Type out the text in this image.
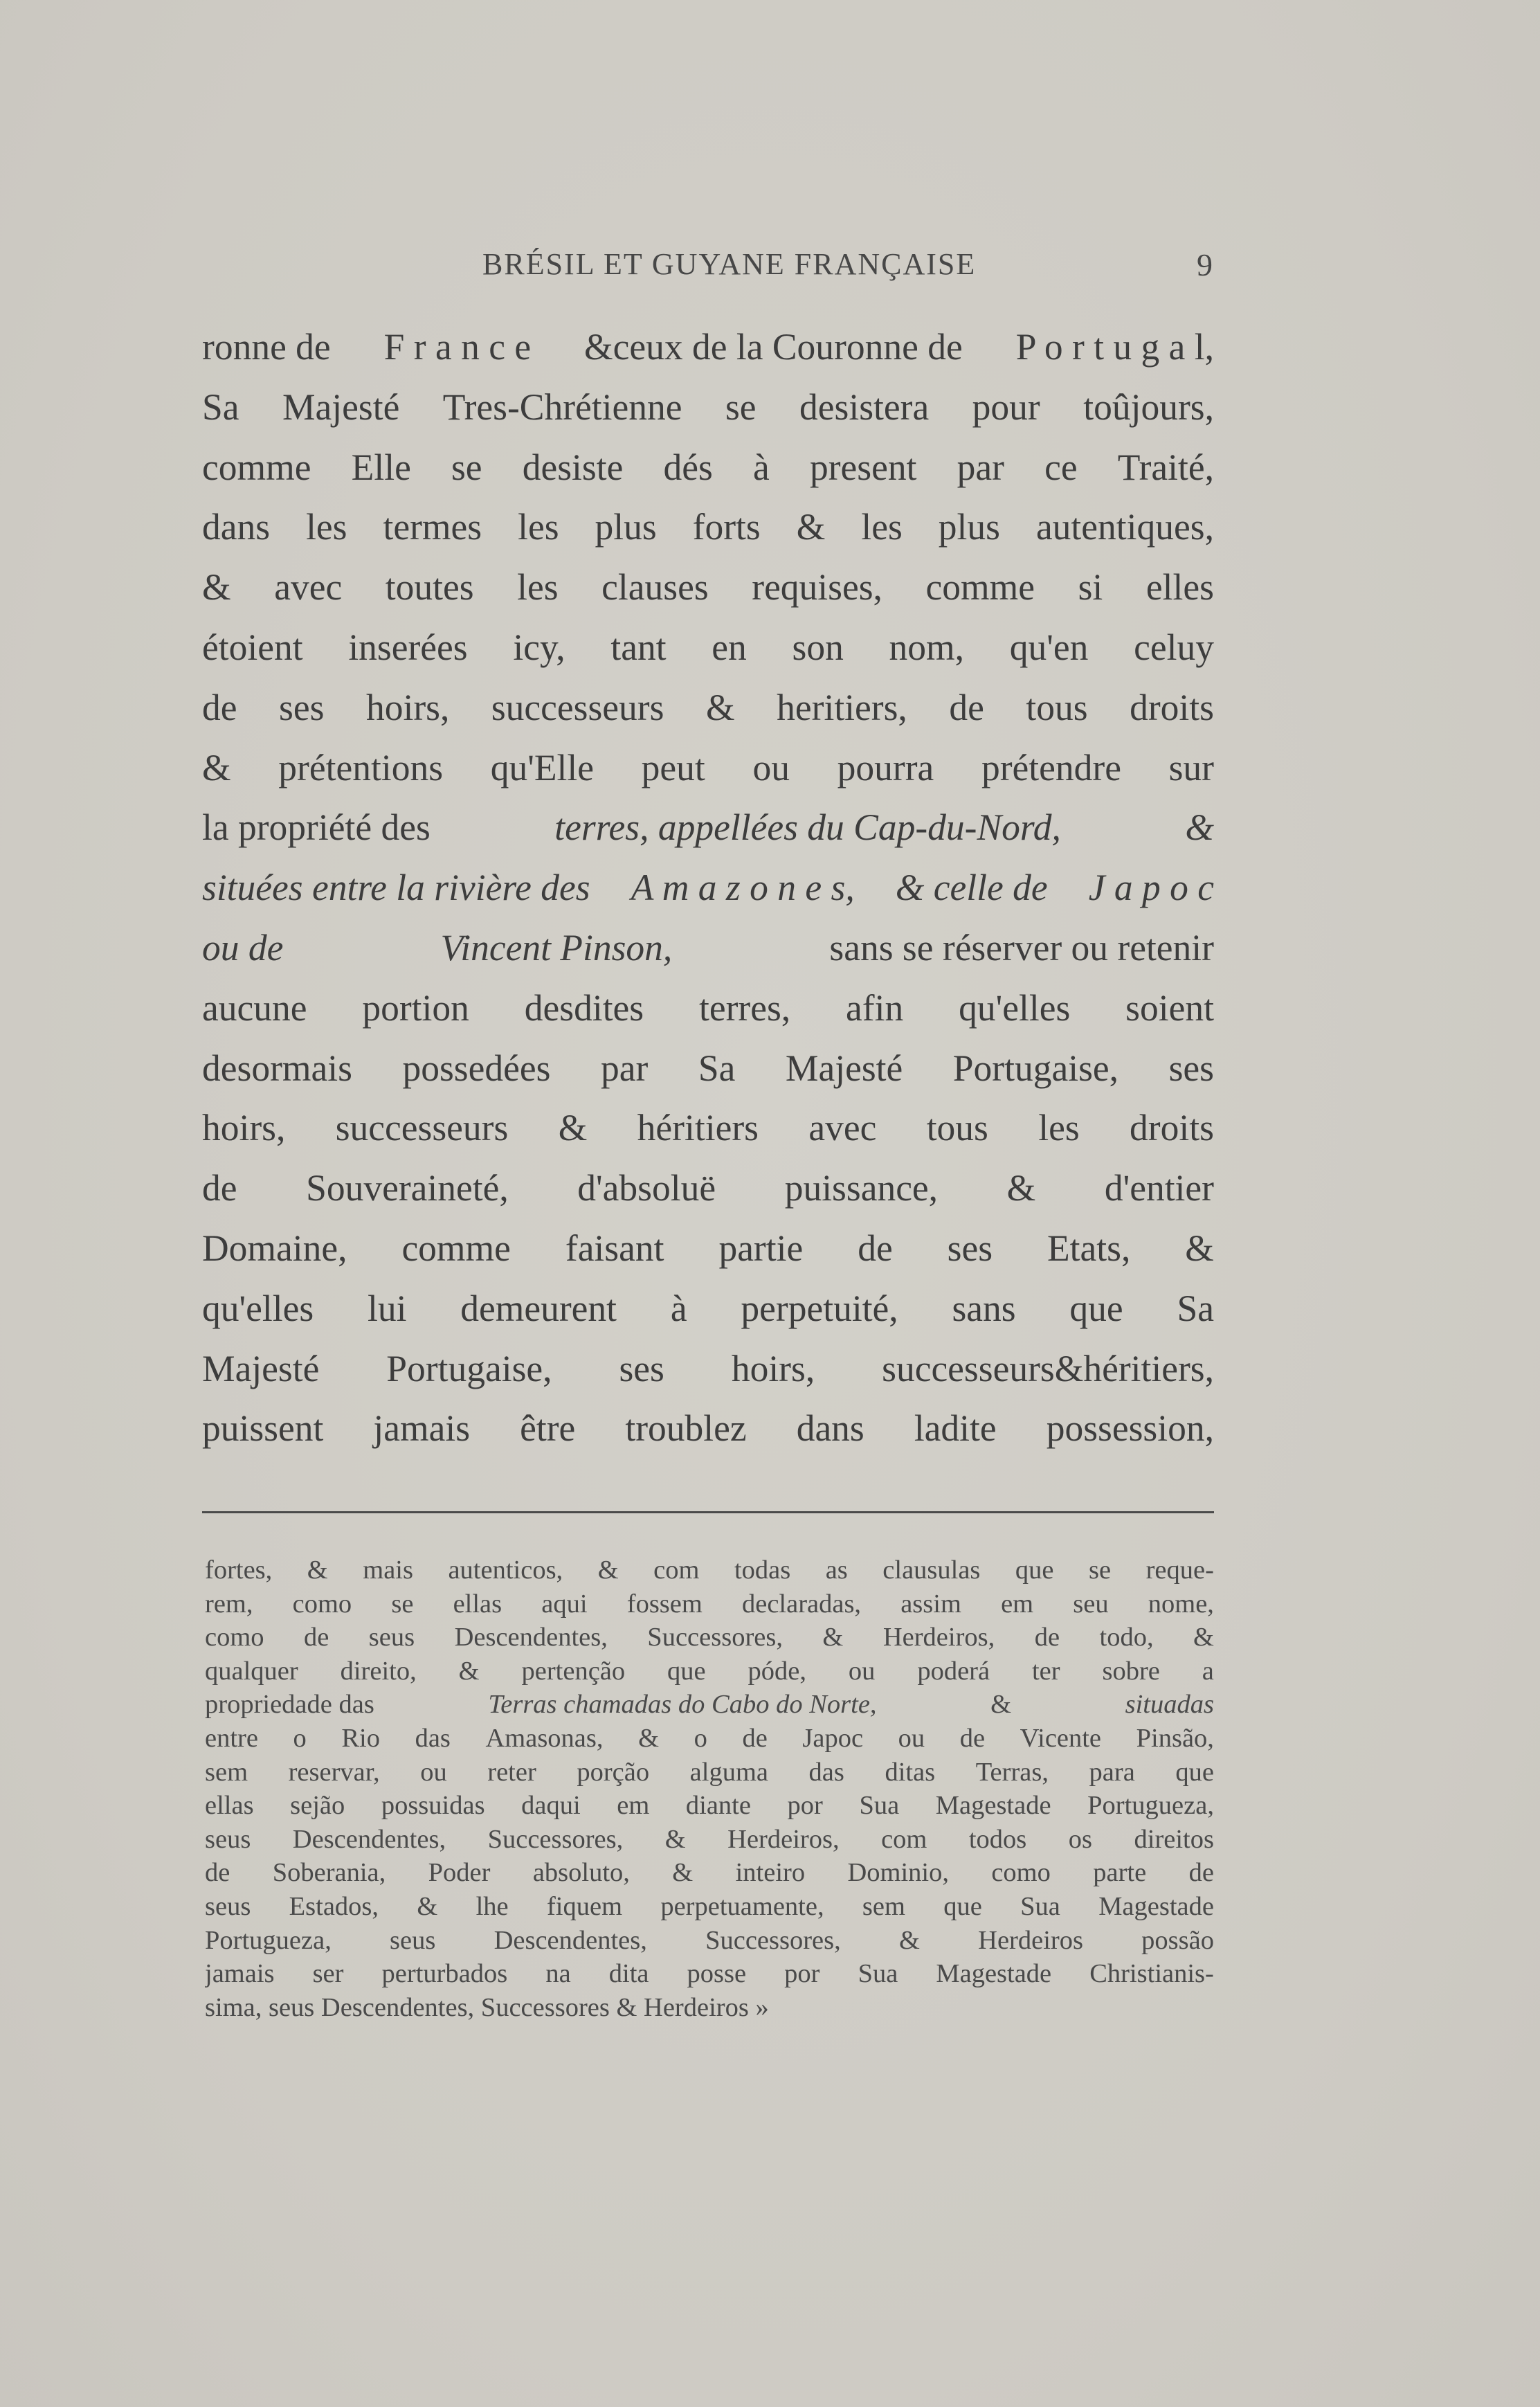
BRÉSIL ET GUYANE FRANÇAISE	9
ronne de F r a n c e &ceux de la Couronne de P o r t u g a l,
Sa Majesté Tres-Chrétienne se desistera pour toûjours,
comme Elle se desiste dés à present par ce Traité,
dans les termes les plus forts & les plus autentiques,
& avec toutes les clauses requises, comme si elles
étoient inserées icy, tant en son nom, qu'en celuy
de ses hoirs, successeurs & heritiers, de tous droits
& prétentions qu'Elle peut ou pourra prétendre sur
la propriété des	terres, appellées du Cap-du-Nord,	&
situées entre la rivière des A m a z o n e s, & celle de J a p o c
ou de	Vincent Pinson,	sans se réserver ou retenir
aucune portion desdites terres, afin qu'elles soient
desormais possedées par Sa Majesté Portugaise, ses
hoirs, successeurs & héritiers avec tous les droits
de Souveraineté, d'absoluë puissance, & d'entier
Domaine, comme faisant partie de ses Etats, &
qu'elles lui demeurent à perpetuité, sans que Sa
Majesté Portugaise, ses hoirs, successeurs&héritiers,
puissent jamais être troublez dans ladite possession,
fortes, & mais autenticos, & com todas as clausulas que se reque-
rem, como se ellas aqui fossem declaradas, assim em seu nome,
como de seus Descendentes, Successores, & Herdeiros, de todo, &
qualquer direito, & pertenção que póde, ou poderá ter sobre a
propriedade das	Terras chamadas do Cabo do Norte,	&	situadas
entre o Rio das Amasonas, & o de Japoc ou de Vicente Pinsão,
sem reservar, ou reter porção alguma das ditas Terras, para que
ellas sejão possuidas daqui em diante por Sua Magestade Portugueza,
seus Descendentes, Successores, & Herdeiros, com todos os direitos
de Soberania, Poder absoluto, & inteiro Dominio, como parte de
seus Estados, & lhe fiquem perpetuamente, sem que Sua Magestade
Portugueza, seus Descendentes, Successores, & Herdeiros possão
jamais ser perturbados na dita posse por Sua Magestade Christianis-
sima, seus Descendentes, Successores & Herdeiros »
